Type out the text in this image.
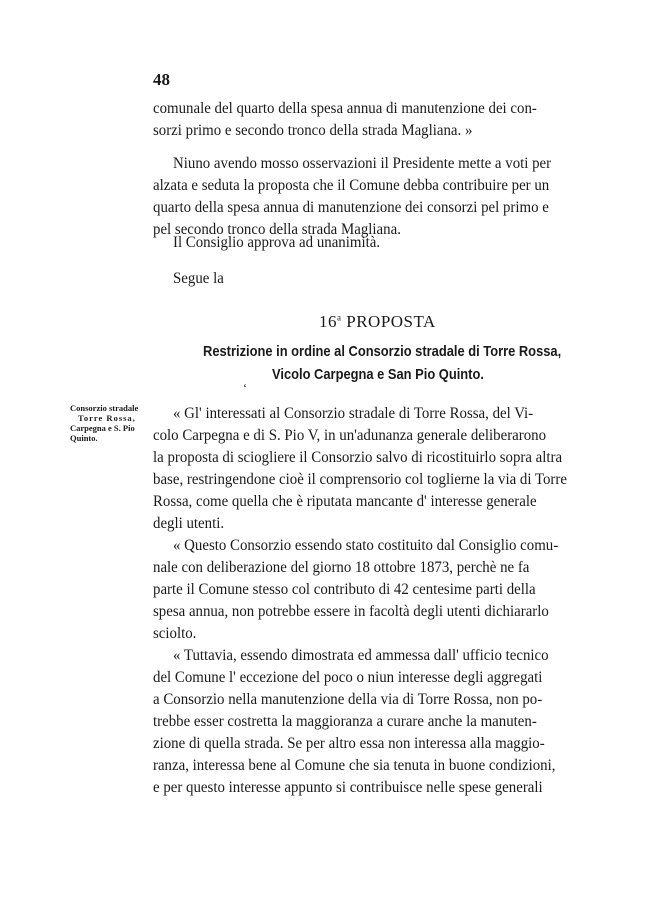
48
comunale del quarto della spesa annua di manutenzione dei con-
sorzi primo e secondo tronco della strada Magliana. »
Niuno avendo mosso osservazioni il Presidente mette a voti per
alzata e seduta la proposta che il Comune debba contribuire per un
quarto della spesa annua di manutenzione dei consorzi pel primo e
pel secondo tronco della strada Magliana.
Il Consiglio approva ad unanimità.
Segue la
16$^a$ PROPOSTA
Restrizione in ordine al Consorzio stradale di Torre Rossa,
Vicolo Carpegna e San Pio Quinto.
‘
Consorzio stradale
Torre Rossa,
Carpegna e S. Pio
Quinto.
« Gl' interessati al Consorzio stradale di Torre Rossa, del Vi-
colo Carpegna e di S. Pio V, in un'adunanza generale deliberarono
la proposta di sciogliere il Consorzio salvo di ricostituirlo sopra altra
base, restringendone cioè il comprensorio col toglierne la via di Torre
Rossa, come quella che è riputata mancante d' interesse generale
degli utenti.
« Questo Consorzio essendo stato costituito dal Consiglio comu-
nale con deliberazione del giorno 18 ottobre 1873, perchè ne fa
parte il Comune stesso col contributo di 42 centesime parti della
spesa annua, non potrebbe essere in facoltà degli utenti dichiararlo
sciolto.
« Tuttavia, essendo dimostrata ed ammessa dall' ufficio tecnico
del Comune l' eccezione del poco o niun interesse degli aggregati
a Consorzio nella manutenzione della via di Torre Rossa, non po-
trebbe esser costretta la maggioranza a curare anche la manuten-
zione di quella strada. Se per altro essa non interessa alla maggio-
ranza, interessa bene al Comune che sia tenuta in buone condizioni,
e per questo interesse appunto si contribuisce nelle spese generali
